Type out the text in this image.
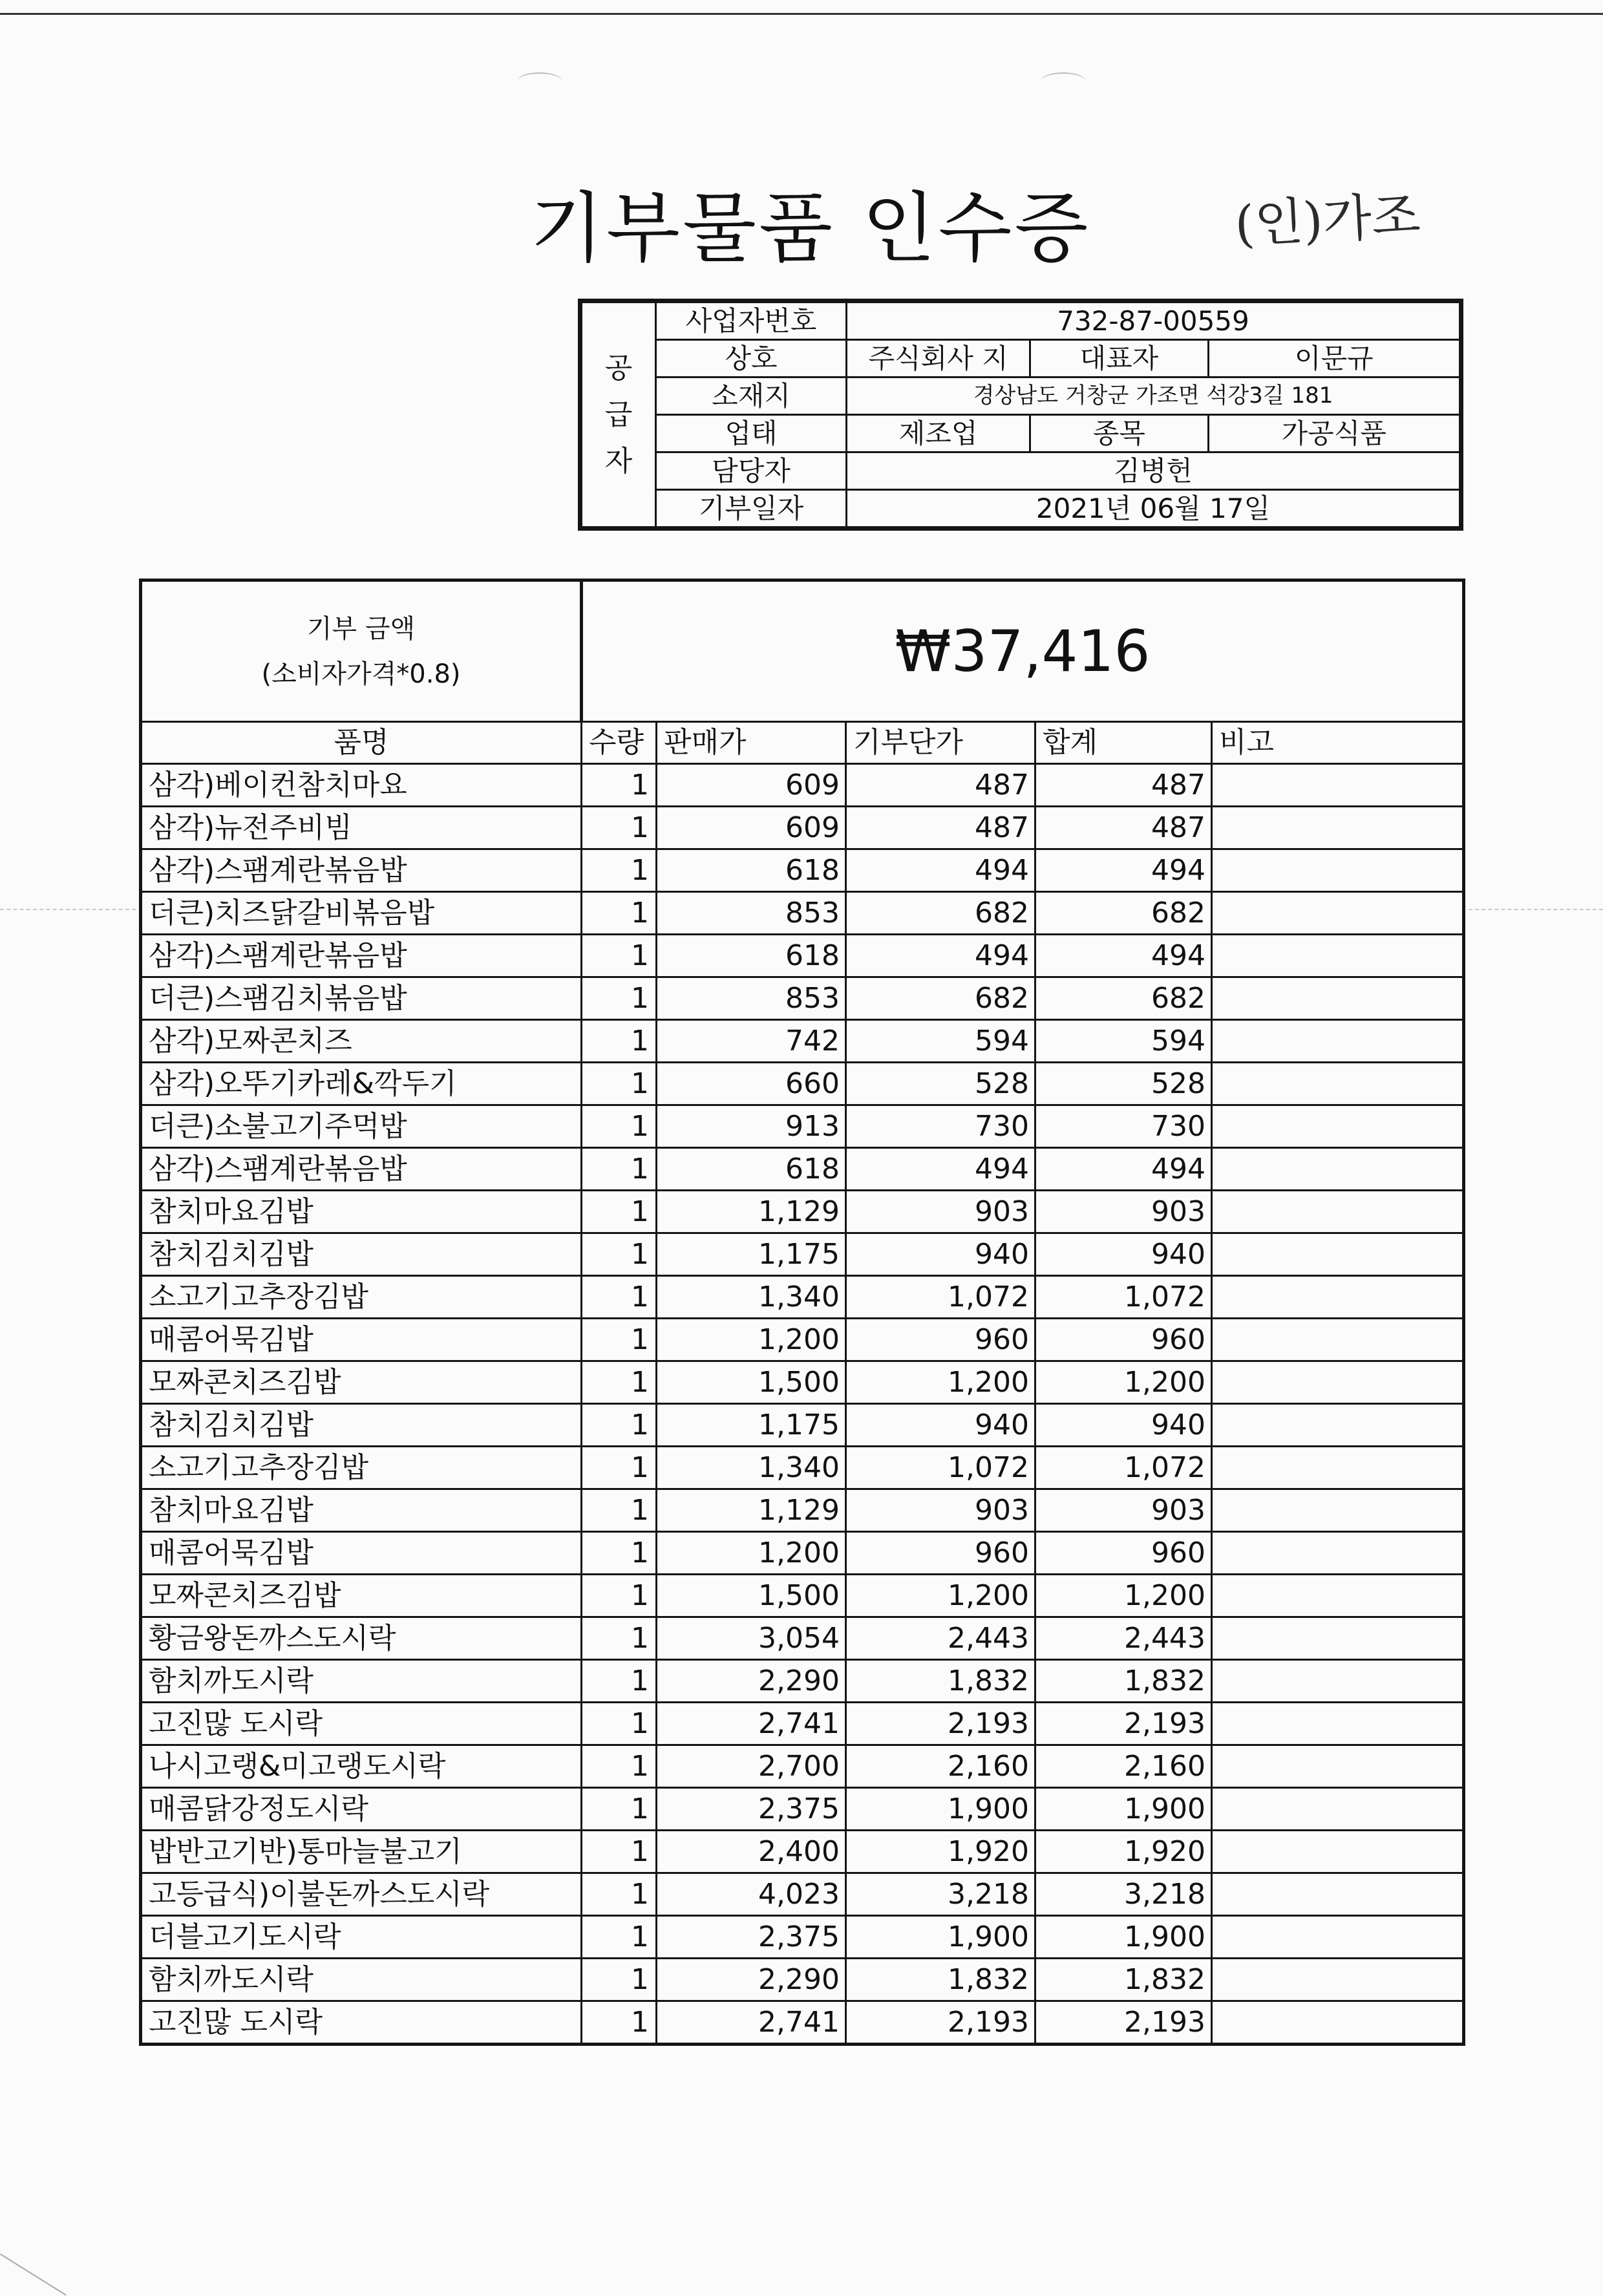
기부물품 인수증	(인)가조
공
급
자	사업자번호	732-87-00559		
	상호	주식회사 지	대표자	이문규
	소재지	경상남도 거창군 가조면 석강3길 181		
	업태	제조업	종목	가공식품
	담당자	김병헌		
	기부일자	2021년 06월 17일		
기부 금액
(소비자가격*0.8)	₩37,416				
품명	수량	판매가	기부단가	합계	비고
삼각)베이컨참치마요	1	609	487	487	
삼각)뉴전주비빔	1	609	487	487	
삼각)스팸계란볶음밥	1	618	494	494	
더큰)치즈닭갈비볶음밥	1	853	682	682	
삼각)스팸계란볶음밥	1	618	494	494	
더큰)스팸김치볶음밥	1	853	682	682	
삼각)모짜콘치즈	1	742	594	594	
삼각)오뚜기카레&깍두기	1	660	528	528	
더큰)소불고기주먹밥	1	913	730	730	
삼각)스팸계란볶음밥	1	618	494	494	
참치마요김밥	1	1,129	903	903	
참치김치김밥	1	1,175	940	940	
소고기고추장김밥	1	1,340	1,072	1,072	
매콤어묵김밥	1	1,200	960	960	
모짜콘치즈김밥	1	1,500	1,200	1,200	
참치김치김밥	1	1,175	940	940	
소고기고추장김밥	1	1,340	1,072	1,072	
참치마요김밥	1	1,129	903	903	
매콤어묵김밥	1	1,200	960	960	
모짜콘치즈김밥	1	1,500	1,200	1,200	
황금왕돈까스도시락	1	3,054	2,443	2,443	
함치까도시락	1	2,290	1,832	1,832	
고진많 도시락	1	2,741	2,193	2,193	
나시고랭&미고랭도시락	1	2,700	2,160	2,160	
매콤닭강정도시락	1	2,375	1,900	1,900	
밥반고기반)통마늘불고기	1	2,400	1,920	1,920	
고등급식)이불돈까스도시락	1	4,023	3,218	3,218	
더블고기도시락	1	2,375	1,900	1,900	
함치까도시락	1	2,290	1,832	1,832	
고진많 도시락	1	2,741	2,193	2,193	
